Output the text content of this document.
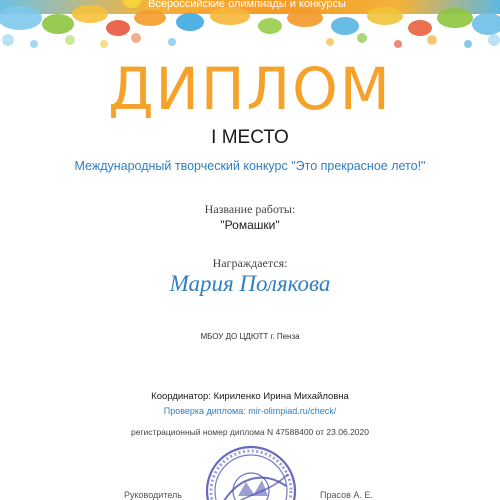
Всероссийские олимпиады и конкурсы
ДИПЛОМ
I МЕСТО
Международный творческий конкурс "Это прекрасное лето!"
Название работы:
"Ромашки"
Награждается:
Мария Полякова
МБОУ ДО ЦДЮТТ г. Пенза
Координатор: Кириленко Ирина Михайловна
Проверка диплома: mir-olimpiad.ru/check/
регистрационный номер диплома N 47588400 от 23.06.2020
Руководитель	Прасов А. Е.
